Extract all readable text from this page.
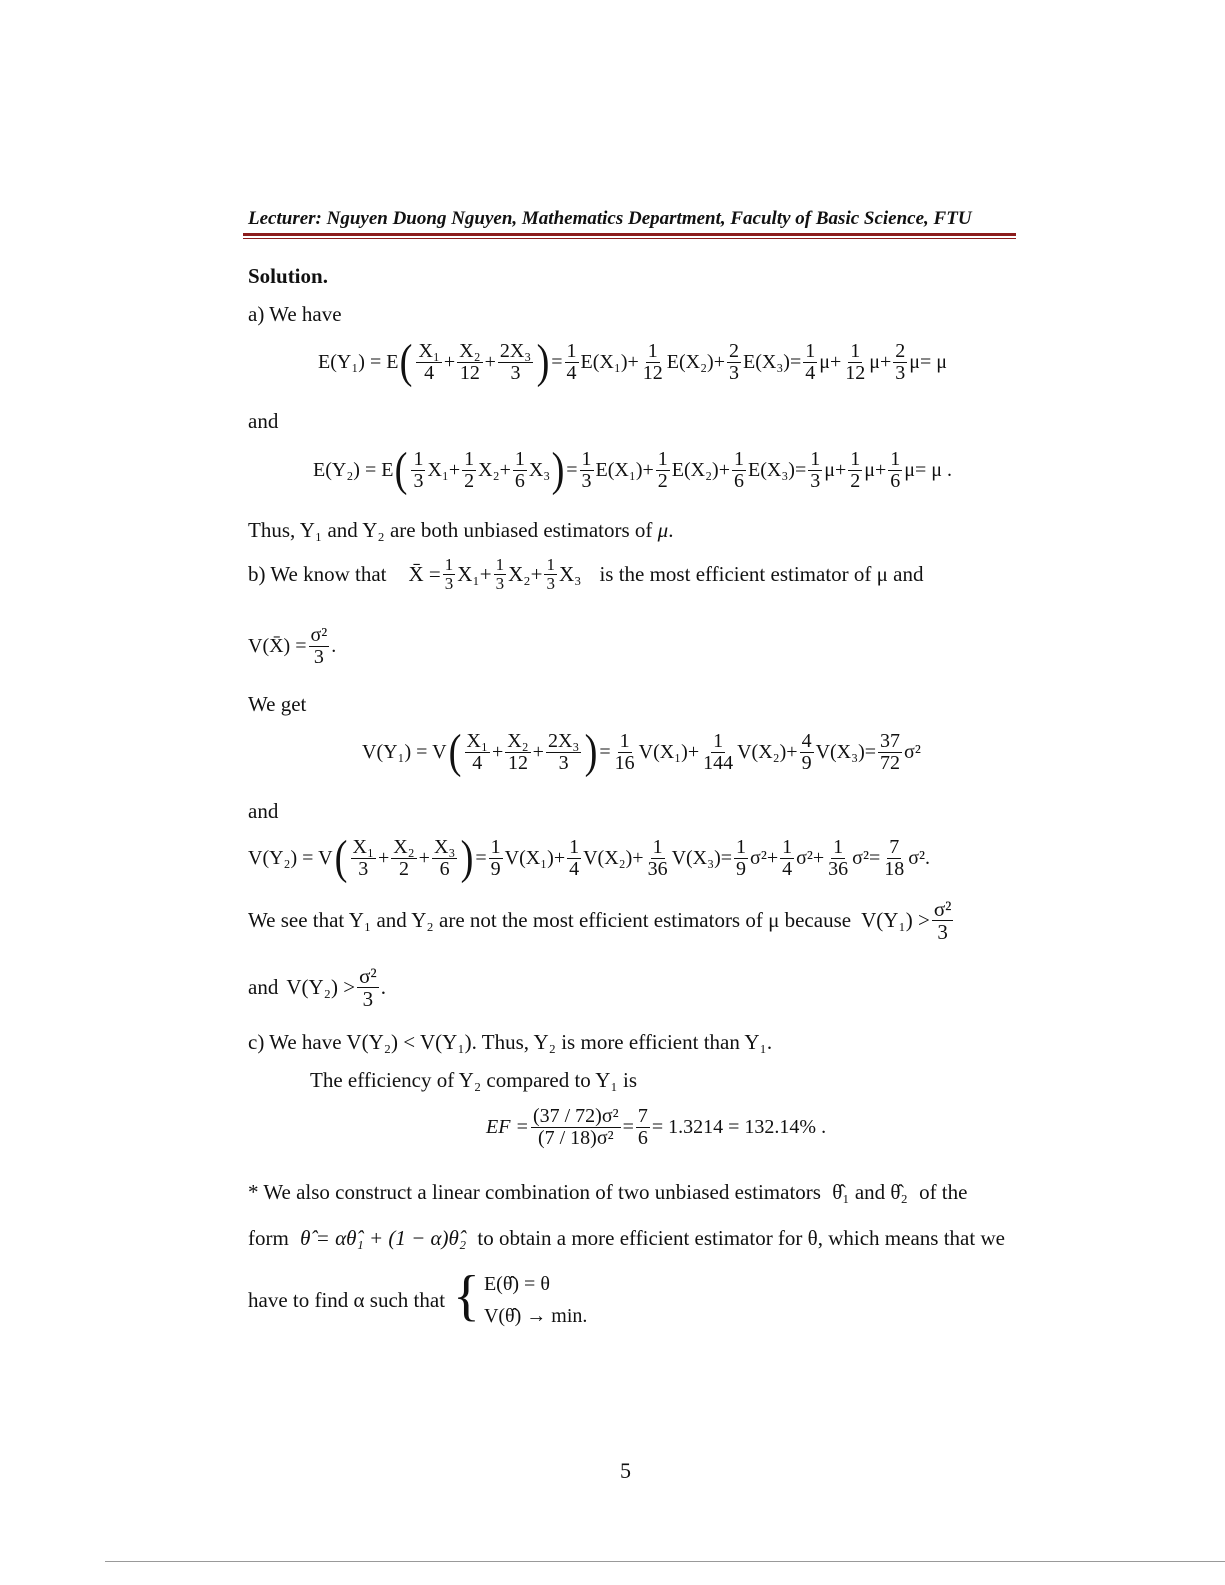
Lecturer: Nguyen Duong Nguyen, Mathematics Department, Faculty of Basic Science, FTU
Solution.
a) We have
E(Y₁) = E ( X₁
$4 + \frac{\text{X₂}}{12} + \frac{\text{2X₃}}{3}$ ) = $\frac{1}{4} E(X_1) + \frac{1}{12} E(X_2) + \frac{2}{3} E(X_3) = \frac{1}{4}$ $\mu + \frac{1}{12}$ $\mu + \frac{2}{3}$ μ = μ
and
E(Y₂) = E ( 1
3 $X_1 + \frac{1}{2} X_2 + \frac{1}{6} X_3$ ) = $\frac{1}{3} E(X_1) + \frac{1}{2} E(X_2) + \frac{1}{6} E(X_3) = \frac{1}{3}$ $\mu + \frac{1}{2}$ $\mu + \frac{1}{6}$ μ = μ .
Thus, Y₁ and Y₂ are both unbiased estimators of μ.
b) We know that X̄ = $\frac{1}{3} X_1 + \frac{1}{3} X_2 + \frac{1}{3} X_3$ is the most efficient estimator of μ and
V(X̄) = $\frac{\text{σ²}}{3}$ .
We get
V(Y₁) = V ( X₁
$4 + \frac{\text{X₂}}{12} + \frac{\text{2X₃}}{3}$ ) = $\frac{1}{16} V(X_1) + \frac{1}{144} V(X_2) + \frac{4}{9} V(X_3) = \frac{37}{72} \sigma^2$
and
V(Y₂) = V ( X₁
$3 + \frac{\text{X₂}}{2} + \frac{\text{X₃}}{6}$ ) = $\frac{1}{9} V(X_1) + \frac{1}{4} V(X_2) + \frac{1}{36} V(X_3) = \frac{1}{9} \sigma^2 + \frac{1}{4} \sigma^2 + \frac{1}{36} \sigma^2 = \frac{7}{18} \sigma^2$ .
We see that Y₁ and Y₂ are not the most efficient estimators of μ because V(Y₁) > σ²
3
and V(Y₂) > σ²
3 .
c) We have V(Y₂) < V(Y₁). Thus, Y₂ is more efficient than Y₁.
The efficiency of Y₂ compared to Y₁ is
EF = $\frac{\text{(37 / 72)σ²}}{\text{(7 / 18)σ²}} = \frac{7}{6} = 1.3214 = 132.14\%$ .
* We also construct a linear combination of two unbiased estimators θ̂₁ and θ̂₂ of the
form θ̂ = αθ̂₁ + (1 − α)θ̂₂ to obtain a more efficient estimator for θ, which means that we
have to find α such that { E(θ̂) = θ
V(θ̂) → min.
5
